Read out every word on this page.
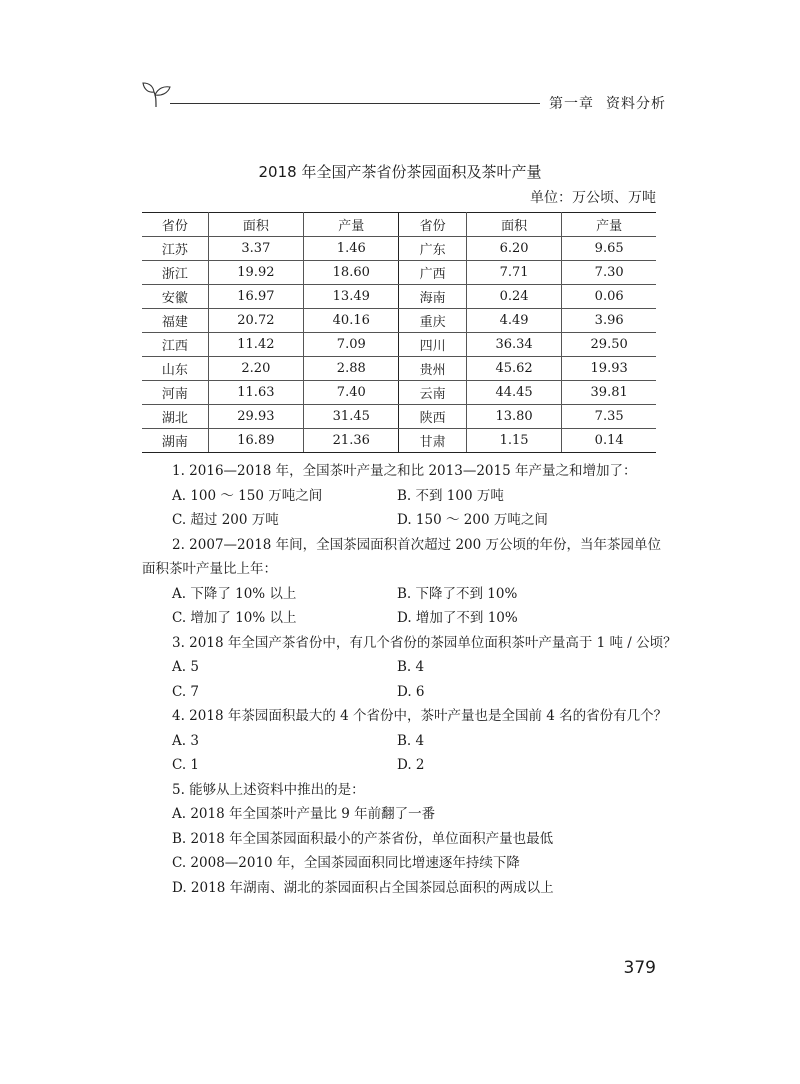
第一章 资料分析
2018 年全国产茶省份茶园面积及茶叶产量
单位：万公顷、万吨
省份	面积	产量	省份	面积	产量
江苏	3.37	1.46	广东	6.20	9.65
浙江	19.92	18.60	广西	7.71	7.30
安徽	16.97	13.49	海南	0.24	0.06
福建	20.72	40.16	重庆	4.49	3.96
江西	11.42	7.09	四川	36.34	29.50
山东	2.20	2.88	贵州	45.62	19.93
河南	11.63	7.40	云南	44.45	39.81
湖北	29.93	31.45	陕西	13.80	7.35
湖南	16.89	21.36	甘肃	1.15	0.14
1. 2016—2018 年，全国茶叶产量之和比 2013—2015 年产量之和增加了：
A. 100 ～ 150 万吨之间	B. 不到 100 万吨
C. 超过 200 万吨	D. 150 ～ 200 万吨之间
2. 2007—2018 年间，全国茶园面积首次超过 200 万公顷的年份，当年茶园单位
面积茶叶产量比上年：
A. 下降了 10% 以上	B. 下降了不到 10%
C. 增加了 10% 以上	D. 增加了不到 10%
3. 2018 年全国产茶省份中，有几个省份的茶园单位面积茶叶产量高于 1 吨 / 公顷？
A. 5	B. 4
C. 7	D. 6
4. 2018 年茶园面积最大的 4 个省份中，茶叶产量也是全国前 4 名的省份有几个？
A. 3	B. 4
C. 1	D. 2
5. 能够从上述资料中推出的是：
A. 2018 年全国茶叶产量比 9 年前翻了一番
B. 2018 年全国茶园面积最小的产茶省份，单位面积产量也最低
C. 2008—2010 年，全国茶园面积同比增速逐年持续下降
D. 2018 年湖南、湖北的茶园面积占全国茶园总面积的两成以上
379
